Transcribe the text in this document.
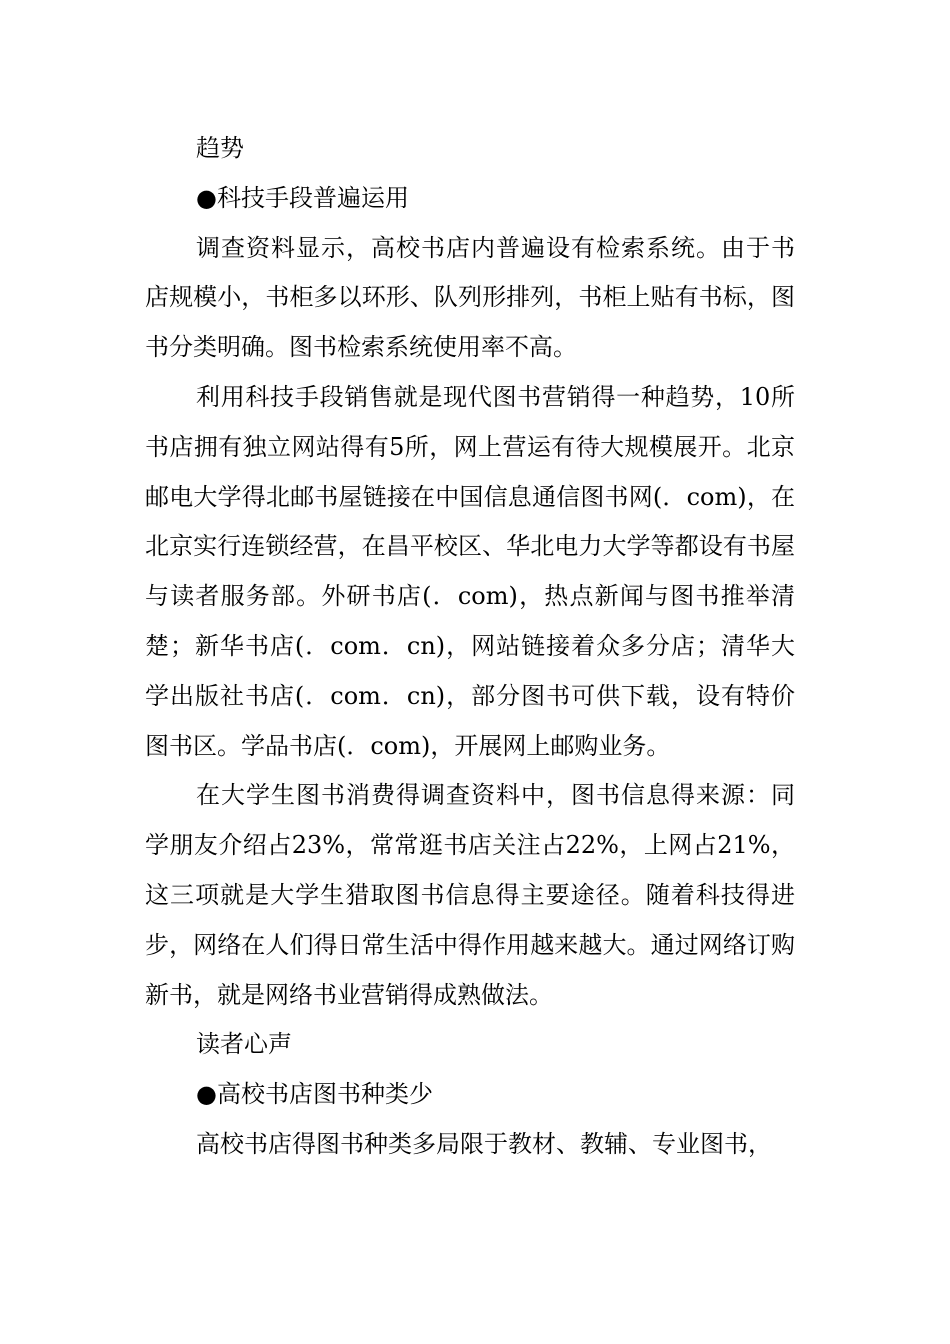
趋势

●科技手段普遍运用

调查资料显示，高校书店内普遍设有检索系统。由于书店规模小，书柜多以环形、队列形排列，书柜上贴有书标，图书分类明确。图书检索系统使用率不高。

利用科技手段销售就是现代图书营销得一种趋势，10所书店拥有独立网站得有5所，网上营运有待大规模展开。北京邮电大学得北邮书屋链接在中国信息通信图书网(．com)，在北京实行连锁经营，在昌平校区、华北电力大学等都设有书屋与读者服务部。外研书店(．com)，热点新闻与图书推举清楚；新华书店(．com．cn)，网站链接着众多分店；清华大学出版社书店(．com．cn)，部分图书可供下载，设有特价图书区。学品书店(．com)，开展网上邮购业务。

在大学生图书消费得调查资料中，图书信息得来源：同学朋友介绍占23%，常常逛书店关注占22%，上网占21%，这三项就是大学生猎取图书信息得主要途径。随着科技得进步，网络在人们得日常生活中得作用越来越大。通过网络订购新书，就是网络书业营销得成熟做法。

读者心声

●高校书店图书种类少

高校书店得图书种类多局限于教材、教辅、专业图书，
